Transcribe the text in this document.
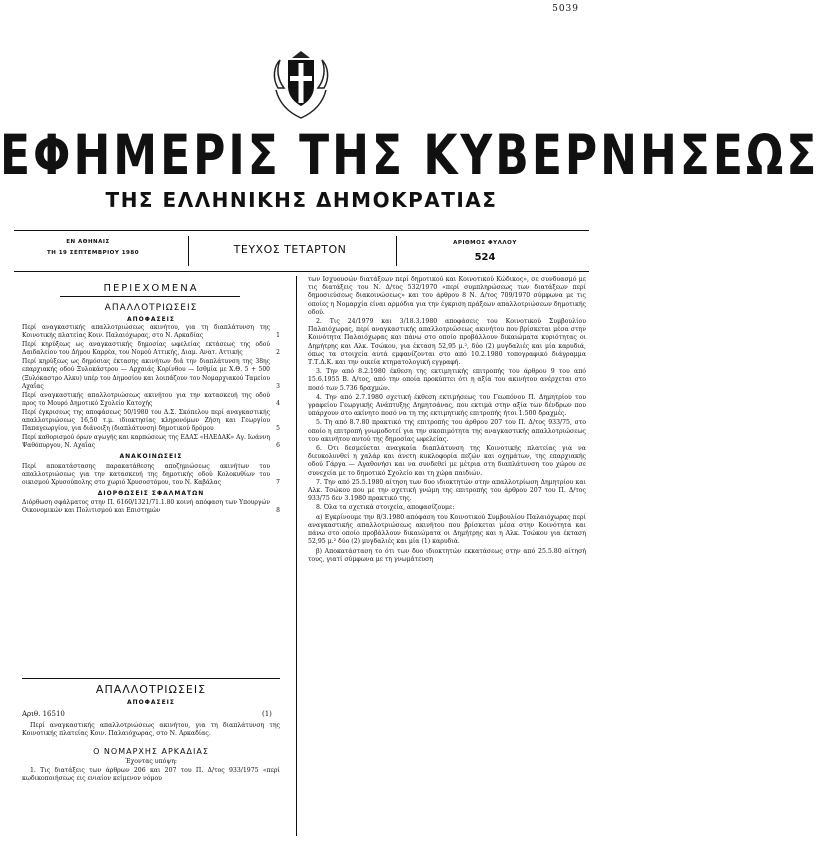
5039
ΕΦΗΜΕΡΙΣ ΤΗΣ ΚΥΒΕΡΝΗΣΕΩΣ
ΤΗΣ ΕΛΛΗΝΙΚΗΣ ΔΗΜΟΚΡΑΤΙΑΣ
ΕΝ ΑΘΗΝΑΙΣ
ΤΗ 19 ΣΕΠΤΕΜΒΡΙΟΥ 1980	ΤΕΥΧΟΣ ΤΕΤΑΡΤΟΝ	ΑΡΙΘΜΟΣ ΦΥΛΛΟΥ
524
ΠΕΡΙΕΧΟΜΕΝΑ
ΑΠΑΛΛΟΤΡΙΩΣΕΙΣ
ΑΠΟΦΑΣΕΙΣ
Περί αναγκαστικής απαλλοτριώσεως ακινήτου, για τη διαπλάτυνση της Κοινοτικής πλατείας Κοιν. Παλαιόχωρας, στο Ν. Αρκαδίας	1
Περί κηρύξεως ως αναγκαστικής δημοσίας ωφελείας εκτάσεως της οδού Δαιδαλείου του Δήμου Καρρέα, του Νομού Αττικής, Διαμ. Ανατ. Αττικής	2
Περί κηρύξεως ως δημόσιας έκτασης ακινήτων διά την διαπλάτυνση της 38ης επαρχιακής οδού Ξυλοκάστρου — Αρχαιάς Κορίνθου — Ισθμία με Χ.Θ. 5 + 500 (Ξυλόκαστρο Αλκυ) υπέρ του Δημοσίου και λοιπάζουν του Νομαρχιακού Ταμείου Αχαΐας	3
Περί αναγκαστικής απαλλοτριώσεως ακινήτου για την κατασκευή της οδού προς το Μουρό Δημοτικό Σχολείο Κατοχής	4
Περί έγκρισεως της αποφάσεως 50/1980 του Δ.Σ. Σκόπελου περί αναγκαστικής απαλλοτριώσεως 16,50 τ.μ. ιδιοκτησίας κληρονόμων Ζήση και Γεωργίου Παπαγεωργίου, για διάνοιξη (διαπλάτυνση) δημοτικού δρόμου	5
Περί καθορισμού όρων αγωγής και καρπώσεως της ΕΔΑΣ «ΗΛΕΔΑΚ» Αγ. Ιωάννη Ψαθόπυργου, Ν. Αχαΐας	6
ΑΝΑΚΟΙΝΩΣΕΙΣ
Περί αποκατάστασης παρακατάθεσης αποζημιώσεως ακινήτων του απαλλοτριώσεως για την κατασκευή της δημοτικής οδού Κολοκυθίων του οικισμού Χρυσούπολης στο χωριό Χρυσοστόμου, του Ν. Καβάλας	7
ΔΙΟΡΘΩΣΕΙΣ ΣΦΑΛΜΑΤΩΝ
Διόρθωση σφάλματος στην Π. 6160/1321/71.1.80 κοινή απόφαση των Υπουργών Οικονομικών και Πολιτισμού και Επιστημών	8
ΑΠΑΛΛΟΤΡΙΩΣΕΙΣ
ΑΠΟΦΑΣΕΙΣ
Αριθ. 16510	(1)

Περί αναγκαστικής απαλλοτριώσεως ακινήτου, για τη διαπλάτυνση της Κοινοτικής πλατείας Κοιν. Παλαιόχωρας, στο Ν. Αρκαδίας.

Ο ΝΟΜΑΡΧΗΣ ΑΡΚΑΔΙΑΣ
Έχοντας υπόψη:

1. Τις διατάξεις των άρθρων 206 και 207 του Π. Δ/τος 933/1975 «περί κωδικοποιήσεως εις ενιαίον κείμενον νόμου

των Ισχυουσών διατάξεων περί δημοτικού και Κοινοτικού Κώδικος», σε συνδυασμό με τις διατάξεις του Ν. Δ/τος 532/1970 «περί συμπληρώσεως των διατάξεων περί δημοσιεύσεως διακοινώσεως» και του άρθρου 8 Ν. Δ/τος 709/1970 σύμφωνα με τις οποίες η Νομαρχία είναι αρμόδια για την έγκριση πράξεων απαλλοτριώσεων δημοτικής οδού.

2. Τις 24/1979 και 3/18.3.1980 αποφάσεις του Κοινοτικού Συμβουλίου Παλαιόχωρας, περί αναγκαστικής απαλλοτριώσεως ακινήτου που βρίσκεται μέσα στην Κοινότητα Παλαιόχωρας και πάνω στο οποίο προβάλλουν δικαιώματα κυριότητας οι Δημήτρης και Αλκ. Τσώκου, για έκταση 52,95 μ.², δύο (2) μυγδαλιές και μία καρυδιά, όπως τα στοιχεία αυτά εμφανίζονται στο από 10.2.1980 τοπογραφικό διάγραμμα Τ.Τ.Δ.Κ. και την οικεία κτηματολογική εγγραφή.

3. Την από 8.2.1980 έκθεση της εκτιμητικής επιτροπής του άρθρου 9 του από 15.6.1955 Β. Δ/τος, από την οποία προκύπτει ότι η αξία του ακινήτου ανέρχεται στο ποσό των 5.736 δραχμών.

4. Την από 2.7.1980 σχετική έκθεση εκτιμήσεως του Γεωπόνου Π. Δημητρίου του γραφείου Γεωργικής Ανάπτυξης Δημητσάνας, που εκτιμά στην αξία των δένδρων που υπάρχουν στο ακίνητο ποσό να τη της εκτιμητικής επιτροπής ήτοι 1.500 δραχμές.

5. Τη από 8.7.80 πρακτικό της επιτροπής του άρθρου 207 του Π. Δ/τος 933/75, στο οποίο η επιτροπή γνωμοδοτεί για την σκοπιμότητα της αναγκαστικής απαλλοτριώσεως του ακινήτου αυτού της δημοσίας ωφελείας.

6. Ότι δεσμεύεται αναγκαία διαπλάτυνση της Κοινοτικής πλατείας για να διευκολυνθεί η χαλάρ και άνετη κυκλοφορία πεζών και οχημάτων, της επαρχιακής οδού Γάργα — Αγαθονήσι και να συνδεθεί με μέτρια στη διαπλάτυνση του χώρου σε συνεχεία με το δημοτικό Σχολείο και τη χώρα παιδιών.

7. Την από 25.5.1980 αίτηση των δυο ιδιοκτητών στην απαλλοτρίωση Δημητρίου και Αλκ. Τσώκου που με την σχετική γνώμη της επιτροπής του άρθρου 207 του Π. Δ/τος 933/75 δεν 3.1980 πρακτικό της.

8. Όλα τα σχετικά στοιχεία, αποφασίζουμε:

α) Εγκρίνουμε την 8/3.1980 απόφαση του Κοινοτικού Συμβουλίου Παλαιόχωρας περί αναγκαστικής απαλλοτριώσεως ακινήτου που βρίσκεται μέσα στην Κοινότητα και πάνω στο οποίο προβάλλουν δικαιώματα οι Δημήτρης και η Αλκ. Τσώκου για έκταση 52,95 μ.² δύο (2) μυγδαλιές και μία (1) καρυδιά.

β) Αποκατάσταση το ότι των δυο ιδιοκτητών εκκατάσεως στην από 25.5.80 αίτησή τους, γιατί σύμφωνα με τη γνωμάτευση
